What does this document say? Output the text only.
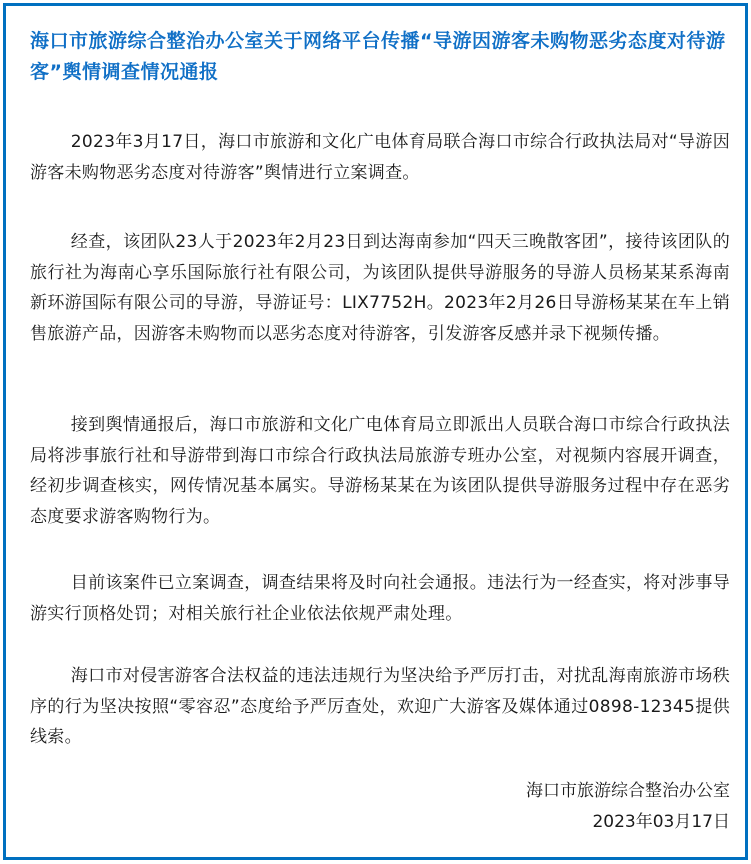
海口市旅游综合整治办公室关于网络平台传播“导游因游客未购物恶劣态度对待游客”舆情调查情况通报

2023年3月17日，海口市旅游和文化广电体育局联合海口市综合行政执法局对“导游因游客未购物恶劣态度对待游客”舆情进行立案调查。

经查，该团队23人于2023年2月23日到达海南参加“四天三晚散客团”，接待该团队的旅行社为海南心享乐国际旅行社有限公司，为该团队提供导游服务的导游人员杨某某系海南新环游国际有限公司的导游，导游证号：LIX7752H。2023年2月26日导游杨某某在车上销售旅游产品，因游客未购物而以恶劣态度对待游客，引发游客反感并录下视频传播。

接到舆情通报后，海口市旅游和文化广电体育局立即派出人员联合海口市综合行政执法局将涉事旅行社和导游带到海口市综合行政执法局旅游专班办公室，对视频内容展开调查，经初步调查核实，网传情况基本属实。导游杨某某在为该团队提供导游服务过程中存在恶劣态度要求游客购物行为。

目前该案件已立案调查，调查结果将及时向社会通报。违法行为一经查实，将对涉事导游实行顶格处罚；对相关旅行社企业依法依规严肃处理。

海口市对侵害游客合法权益的违法违规行为坚决给予严厉打击，对扰乱海南旅游市场秩序的行为坚决按照“零容忍”态度给予严厉查处，欢迎广大游客及媒体通过0898-12345提供线索。

海口市旅游综合整治办公室
2023年03月17日
